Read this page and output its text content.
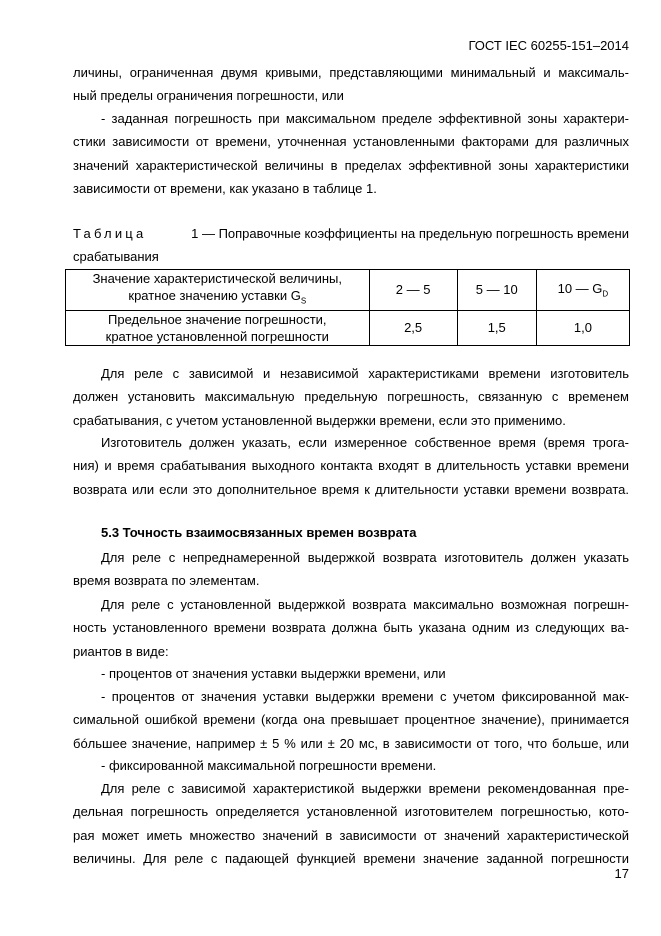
ГОСТ IEC 60255-151–2014
личины, ограниченная двумя кривыми, представляющими минимальный и максималь-
ный пределы ограничения погрешности, или
- заданная погрешность при максимальном пределе эффективной зоны характери-
стики зависимости от времени, уточненная установленными факторами для различных
значений характеристической величины в пределах эффективной зоны характеристики
зависимости от времени, как указано в таблице 1.
Таблица	1 — Поправочные коэффициенты на предельную погрешность времени
срабатывания
Значение характеристической величины,
кратное значению уставки $G_S$	2 — 5	5 — 10	10 — $G_D$
Предельное значение погрешности,
кратное установленной погрешности	2,5	1,5	1,0
Для реле с зависимой и независимой характеристиками времени изготовитель
должен установить максимальную предельную погрешность, связанную с временем
срабатывания, с учетом установленной выдержки времени, если это применимо.
Изготовитель должен указать, если измеренное собственное время (время трога-
ния) и время срабатывания выходного контакта входят в длительность уставки времени
возврата или если это дополнительное время к длительности уставки времени возврата.
5.3 Точность взаимосвязанных времен возврата
Для реле с непреднамеренной выдержкой возврата изготовитель должен указать
время возврата по элементам.
Для реле с установленной выдержкой возврата максимально возможная погрешн-
ность установленного времени возврата должна быть указана одним из следующих ва-
риантов в виде:
- процентов от значения уставки выдержки времени, или
- процентов от значения уставки выдержки времени с учетом фиксированной мак-
симальной ошибкой времени (когда она превышает процентное значение), принимается
бóльшее значение, например ± 5 % или ± 20 мс, в зависимости от того, что больше, или
- фиксированной максимальной погрешности времени.
Для реле с зависимой характеристикой выдержки времени рекомендованная пре-
дельная погрешность определяется установленной изготовителем погрешностью, кото-
рая может иметь множество значений в зависимости от значений характеристической
величины. Для реле с падающей функцией времени значение заданной погрешности
17
